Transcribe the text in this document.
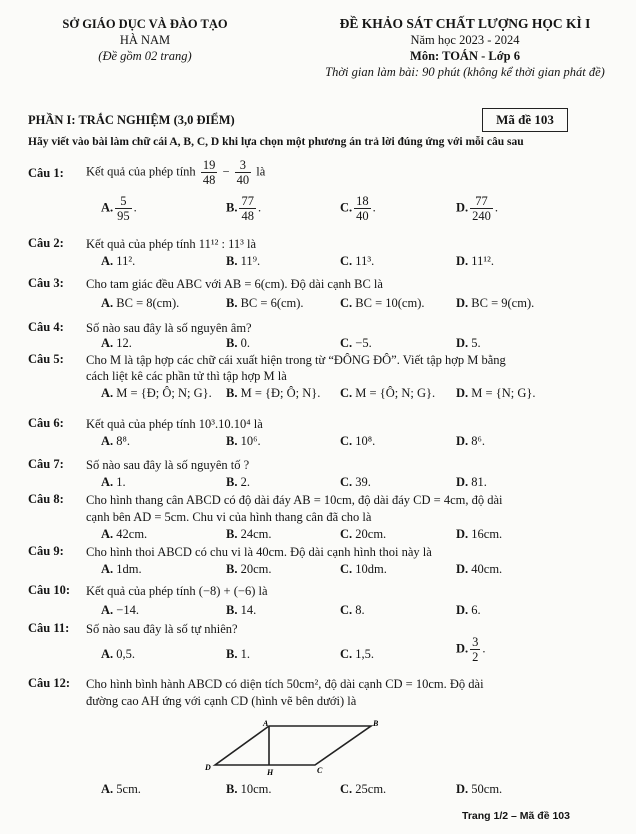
SỞ GIÁO DỤC VÀ ĐÀO TẠO
HÀ NAM
(Đề gồm 02 trang)
ĐỀ KHẢO SÁT CHẤT LƯỢNG HỌC KÌ I
Năm học 2023 - 2024
Môn: TOÁN - Lớp 6
Thời gian làm bài: 90 phút (không kể thời gian phát đề)
PHẦN I: TRẮC NGHIỆM (3,0 ĐIỂM)	Mã đề 103
Hãy viết vào bài làm chữ cái A, B, C, D khi lựa chọn một phương án trả lời đúng ứng với mỗi câu sau
Câu 1: Kết quả của phép tính $\frac{19}{48} - \frac{3}{40}$ là
A. $\frac{5}{95}$ .	B. $\frac{77}{48}$ .	C. $\frac{18}{40}$ .	D. $\frac{77}{240}$ .
Câu 2: Kết quả của phép tính 11¹² : 11³ là
A. 11².	B. 11⁹.	C. 11³.	D. 11¹².
Câu 3: Cho tam giác đều ABC với AB = 6(cm). Độ dài cạnh BC là
A. BC = 8(cm).	B. BC = 6(cm).	C. BC = 10(cm).	D. BC = 9(cm).
Câu 4: Số nào sau đây là số nguyên âm?
A. 12.	B. 0.	C. −5.	D. 5.
Câu 5: Cho M là tập hợp các chữ cái xuất hiện trong từ “ĐÔNG ĐÔ”. Viết tập hợp M bằng
cách liệt kê các phần tử thì tập hợp M là
A. M = {Đ; Ô; N; G}. B. M = {Đ; Ô; N}. C. M = {Ô; N; G}. D. M = {N; G}.
Câu 6: Kết quả của phép tính 10³.10.10⁴ là
A. 8⁸.	B. 10⁶.	C. 10⁸.	D. 8⁶.
Câu 7: Số nào sau đây là số nguyên tố ?
A. 1.	B. 2.	C. 39.	D. 81.
Câu 8: Cho hình thang cân ABCD có độ dài đáy AB = 10cm, độ dài đáy CD = 4cm, độ dài
cạnh bên AD = 5cm. Chu vi của hình thang cân đã cho là
A. 42cm.	B. 24cm.	C. 20cm.	D. 16cm.
Câu 9: Cho hình thoi ABCD có chu vi là 40cm. Độ dài cạnh hình thoi này là
A. 1dm.	B. 20cm.	C. 10dm.	D. 40cm.
Câu 10: Kết quả của phép tính (−8) + (−6) là
A. −14.	B. 14.	C. 8.	D. 6.
Câu 11: Số nào sau đây là số tự nhiên?
A. 0,5.	B. 1.	C. 1,5.	D. $\frac{3}{2}$ .
Câu 12: Cho hình bình hành ABCD có diện tích 50cm², độ dài cạnh CD = 10cm. Độ dài
đường cao AH ứng với cạnh CD (hình vẽ bên dưới) là
A	B
D
H	C
A. 5cm.	B. 10cm.	C. 25cm.	D. 50cm.
Trang 1/2 – Mã đề 103
